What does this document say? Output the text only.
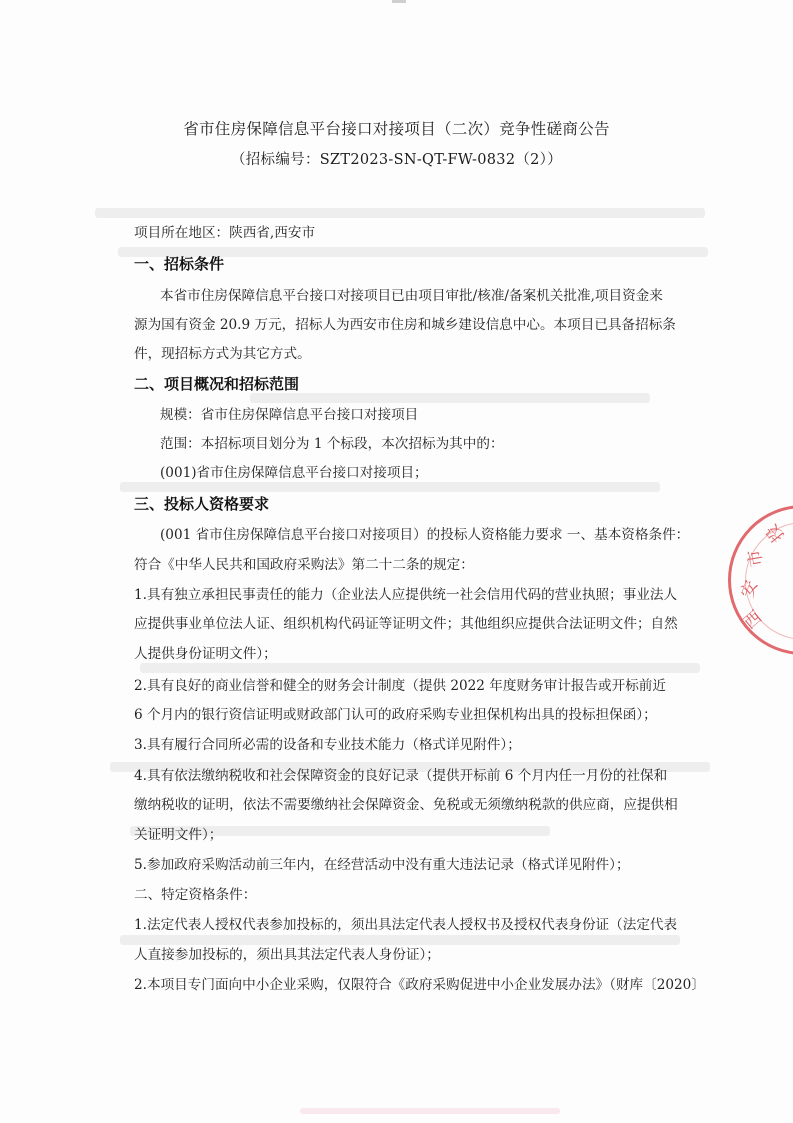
省市住房保障信息平台接口对接项目（二次）竞争性磋商公告
（招标编号：SZT2023-SN-QT-FW-0832（2））
项目所在地区：陕西省,西安市
一、招标条件
本省市住房保障信息平台接口对接项目已由项目审批/核准/备案机关批准,项目资金来
源为国有资金 20.9 万元，招标人为西安市住房和城乡建设信息中心。本项目已具备招标条
件，现招标方式为其它方式。
二、项目概况和招标范围
规模：省市住房保障信息平台接口对接项目
范围：本招标项目划分为 1 个标段，本次招标为其中的：
(001)省市住房保障信息平台接口对接项目；
三、投标人资格要求
(001 省市住房保障信息平台接口对接项目）的投标人资格能力要求 一、基本资格条件：
符合《中华人民共和国政府采购法》第二十二条的规定：
1.具有独立承担民事责任的能力（企业法人应提供统一社会信用代码的营业执照；事业法人
应提供事业单位法人证、组织机构代码证等证明文件；其他组织应提供合法证明文件；自然
人提供身份证明文件）；
2.具有良好的商业信誉和健全的财务会计制度（提供 2022 年度财务审计报告或开标前近
6 个月内的银行资信证明或财政部门认可的政府采购专业担保机构出具的投标担保函）；
3.具有履行合同所必需的设备和专业技术能力（格式详见附件）；
4.具有依法缴纳税收和社会保障资金的良好记录（提供开标前 6 个月内任一月份的社保和
缴纳税收的证明，依法不需要缴纳社会保障资金、免税或无须缴纳税款的供应商，应提供相
关证明文件）；
5.参加政府采购活动前三年内，在经营活动中没有重大违法记录（格式详见附件）；
二、特定资格条件：
1.法定代表人授权代表参加投标的，须出具法定代表人授权书及授权代表身份证（法定代表
人直接参加投标的，须出具其法定代表人身份证）；
2.本项目专门面向中小企业采购，仅限符合《政府采购促进中小企业发展办法》（财库〔2020〕
西
安
市
投
